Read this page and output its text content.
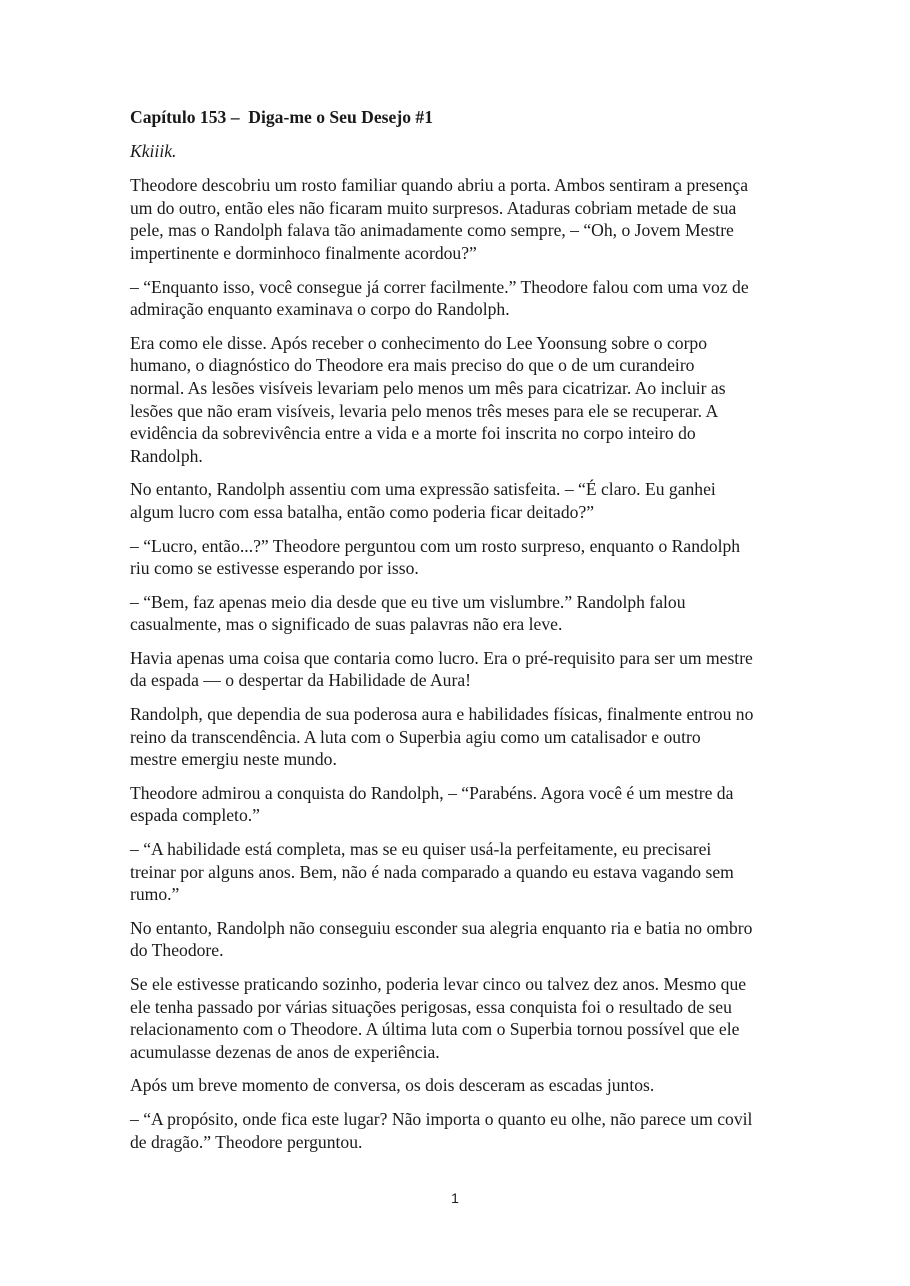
Capítulo 153 –  Diga-me o Seu Desejo #1
Kkiiik.
Theodore descobriu um rosto familiar quando abriu a porta. Ambos sentiram a presença
um do outro, então eles não ficaram muito surpresos. Ataduras cobriam metade de sua
pele, mas o Randolph falava tão animadamente como sempre, – “Oh, o Jovem Mestre
impertinente e dorminhoco finalmente acordou?”
– “Enquanto isso, você consegue já correr facilmente.” Theodore falou com uma voz de
admiração enquanto examinava o corpo do Randolph.
Era como ele disse. Após receber o conhecimento do Lee Yoonsung sobre o corpo
humano, o diagnóstico do Theodore era mais preciso do que o de um curandeiro
normal. As lesões visíveis levariam pelo menos um mês para cicatrizar. Ao incluir as
lesões que não eram visíveis, levaria pelo menos três meses para ele se recuperar. A
evidência da sobrevivência entre a vida e a morte foi inscrita no corpo inteiro do
Randolph.
No entanto, Randolph assentiu com uma expressão satisfeita. – “É claro. Eu ganhei
algum lucro com essa batalha, então como poderia ficar deitado?”
– “Lucro, então...?” Theodore perguntou com um rosto surpreso, enquanto o Randolph
riu como se estivesse esperando por isso.
– “Bem, faz apenas meio dia desde que eu tive um vislumbre.” Randolph falou
casualmente, mas o significado de suas palavras não era leve.
Havia apenas uma coisa que contaria como lucro. Era o pré-requisito para ser um mestre
da espada — o despertar da Habilidade de Aura!
Randolph, que dependia de sua poderosa aura e habilidades físicas, finalmente entrou no
reino da transcendência. A luta com o Superbia agiu como um catalisador e outro
mestre emergiu neste mundo.
Theodore admirou a conquista do Randolph, – “Parabéns. Agora você é um mestre da
espada completo.”
– “A habilidade está completa, mas se eu quiser usá-la perfeitamente, eu precisarei
treinar por alguns anos. Bem, não é nada comparado a quando eu estava vagando sem
rumo.”
No entanto, Randolph não conseguiu esconder sua alegria enquanto ria e batia no ombro
do Theodore.
Se ele estivesse praticando sozinho, poderia levar cinco ou talvez dez anos. Mesmo que
ele tenha passado por várias situações perigosas, essa conquista foi o resultado de seu
relacionamento com o Theodore. A última luta com o Superbia tornou possível que ele
acumulasse dezenas de anos de experiência.
Após um breve momento de conversa, os dois desceram as escadas juntos.
– “A propósito, onde fica este lugar? Não importa o quanto eu olhe, não parece um covil
de dragão.” Theodore perguntou.
1
